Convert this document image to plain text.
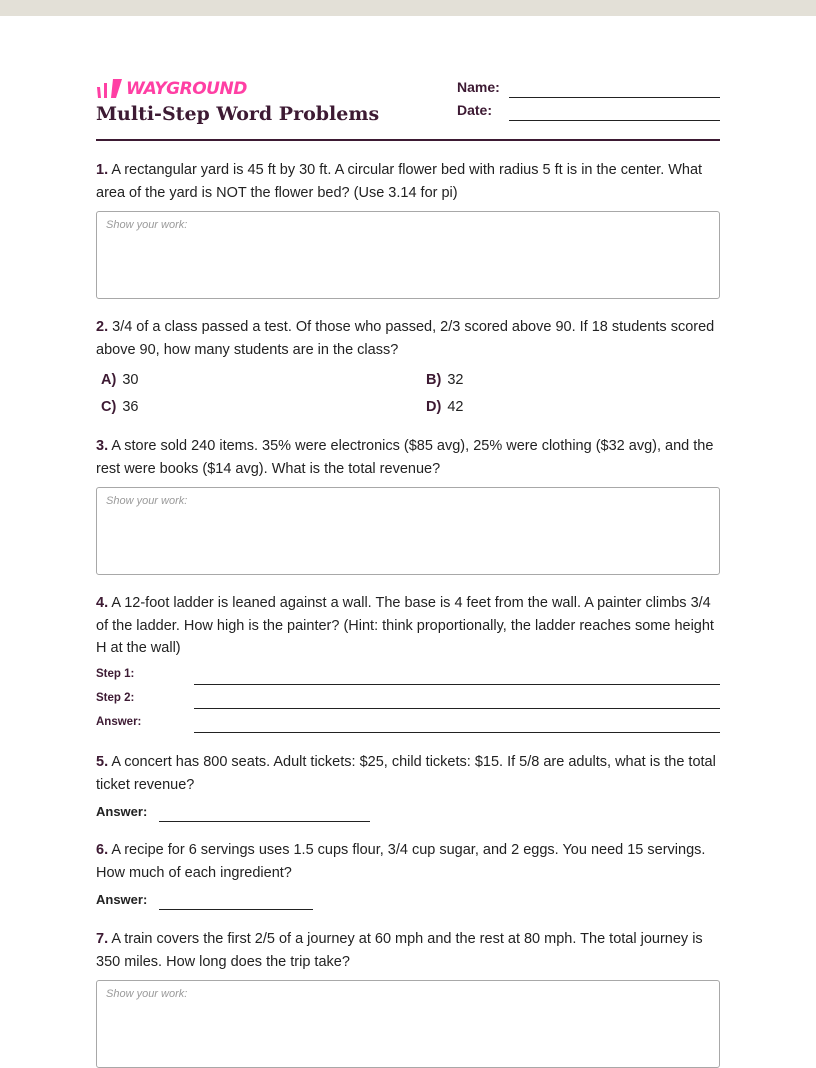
WAYGROUND
Multi-Step Word Problems
Name:
Date:
1. A rectangular yard is 45 ft by 30 ft. A circular flower bed with radius 5 ft is in the center. What area of the yard is NOT the flower bed? (Use 3.14 for pi)
Show your work:
2. 3/4 of a class passed a test. Of those who passed, 2/3 scored above 90. If 18 students scored above 90, how many students are in the class?
A) 30	B) 32
C) 36	D) 42
3. A store sold 240 items. 35% were electronics ($85 avg), 25% were clothing ($32 avg), and the rest were books ($14 avg). What is the total revenue?
Show your work:
4. A 12-foot ladder is leaned against a wall. The base is 4 feet from the wall. A painter climbs 3/4 of the ladder. How high is the painter? (Hint: think proportionally, the ladder reaches some height H at the wall)
Step 1:
Step 2:
Answer:
5. A concert has 800 seats. Adult tickets: $25, child tickets: $15. If 5/8 are adults, what is the total ticket revenue?
Answer:
6. A recipe for 6 servings uses 1.5 cups flour, 3/4 cup sugar, and 2 eggs. You need 15 servings. How much of each ingredient?
Answer:
7. A train covers the first 2/5 of a journey at 60 mph and the rest at 80 mph. The total journey is 350 miles. How long does the trip take?
Show your work:
